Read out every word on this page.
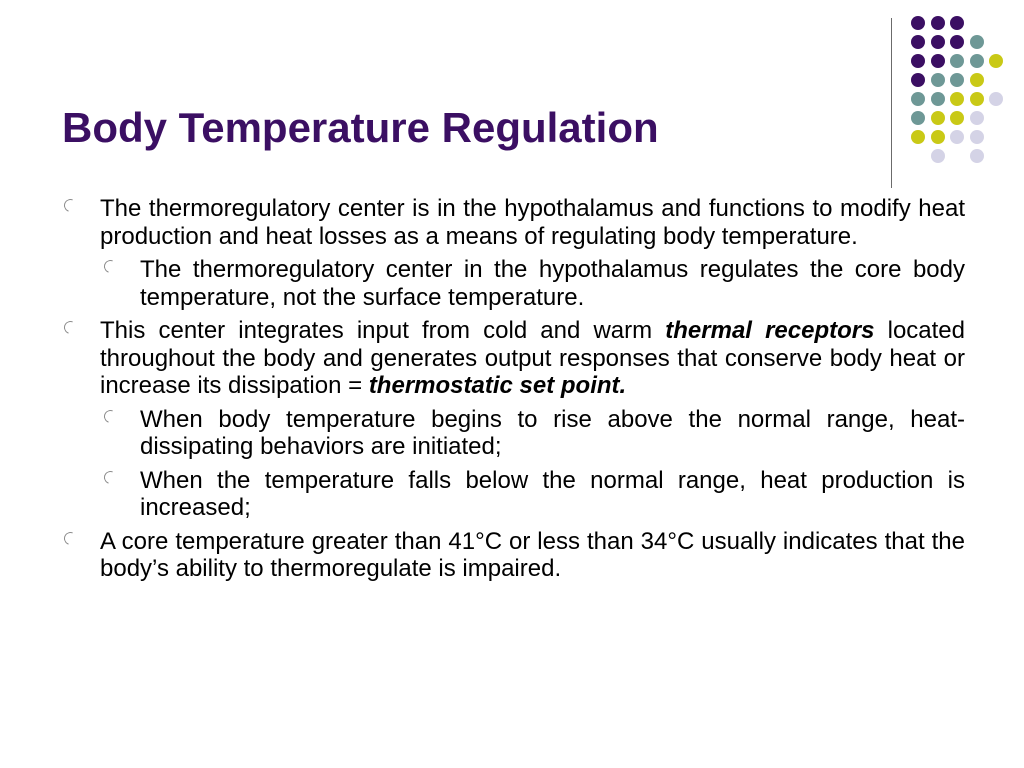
Body Temperature Regulation

The thermoregulatory center is in the hypothalamus and functions to modify heat production and heat losses as a means of regulating body temperature.

The thermoregulatory center in the hypothalamus regulates the core body temperature, not the surface temperature.

This center integrates input from cold and warm thermal receptors located throughout the body and generates output responses that conserve body heat or increase its dissipation = thermostatic set point.

When body temperature begins to rise above the normal range, heat-dissipating behaviors are initiated;

When the temperature falls below the normal range, heat production is increased;

A core temperature greater than 41°C or less than 34°C usually indicates that the body’s ability to thermoregulate is impaired.
